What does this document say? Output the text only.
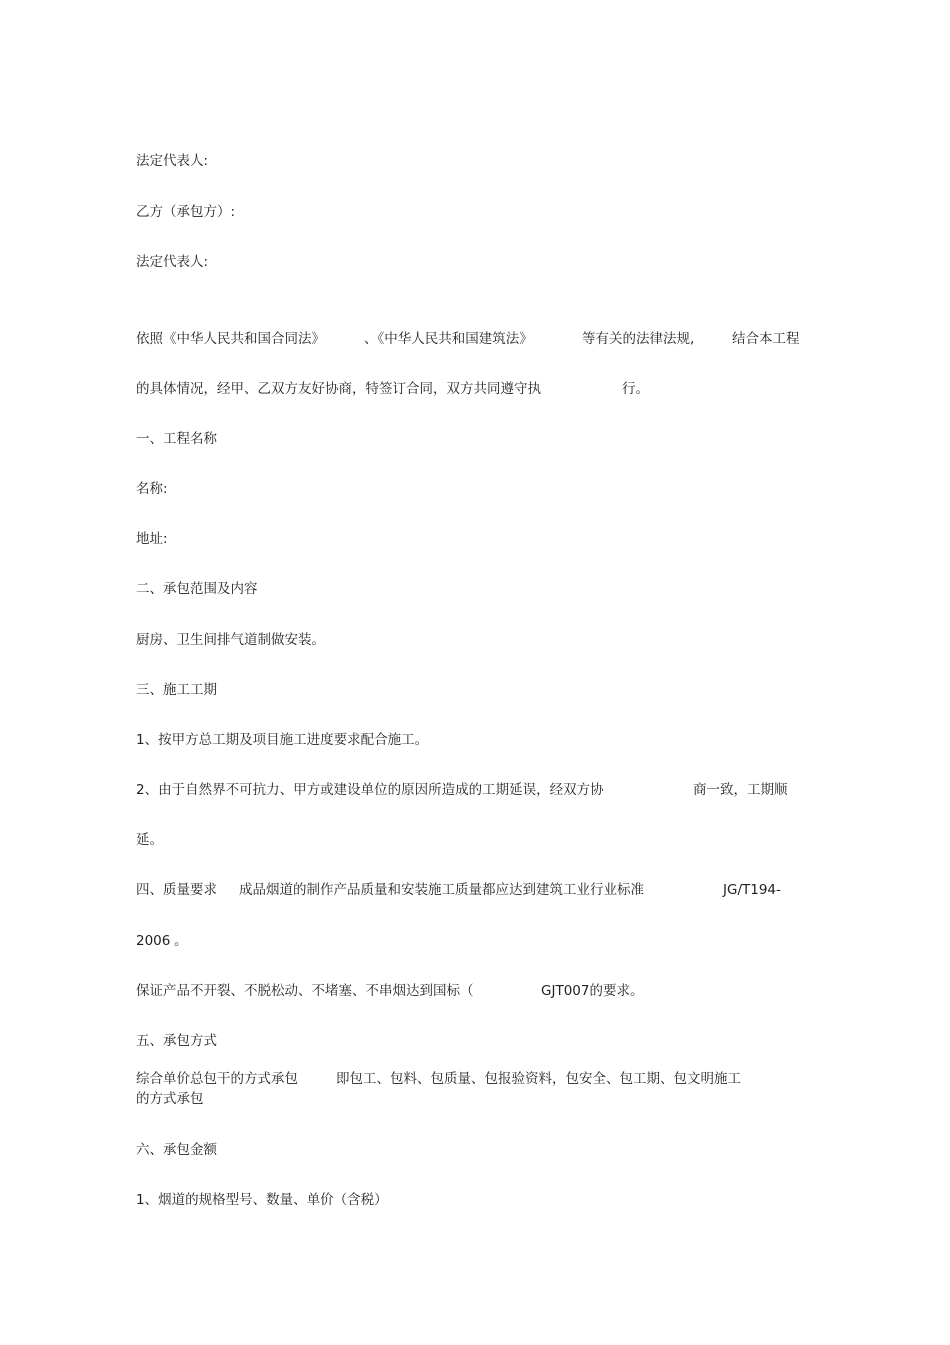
法定代表人:
乙方（承包方）:
法定代表人:
依照《中华人民共和国合同法》	、《中华人民共和国建筑法》	等有关的法律法规,	结合本工程
的具体情况，经甲、乙双方友好协商，特签订合同，双方共同遵守执	行。
一、工程名称
名称:
地址:
二、承包范围及内容
厨房、卫生间排气道制做安装。
三、施工工期
1、按甲方总工期及项目施工进度要求配合施工。
2、由于自然界不可抗力、甲方或建设单位的原因所造成的工期延误，经双方协	商一致，工期顺
延。
四、质量要求 成品烟道的制作产品质量和安装施工质量都应达到建筑工业行业标准	JG/T194-
2006 。
保证产品不开裂、不脱松动、不堵塞、不串烟达到国标（	GJT007的要求。
五、承包方式
综合单价总包干的方式承包	即包工、包料、包质量、包报验资料，包安全、包工期、包文明施工
的方式承包
六、承包金额
1、烟道的规格型号、数量、单价（含税）
